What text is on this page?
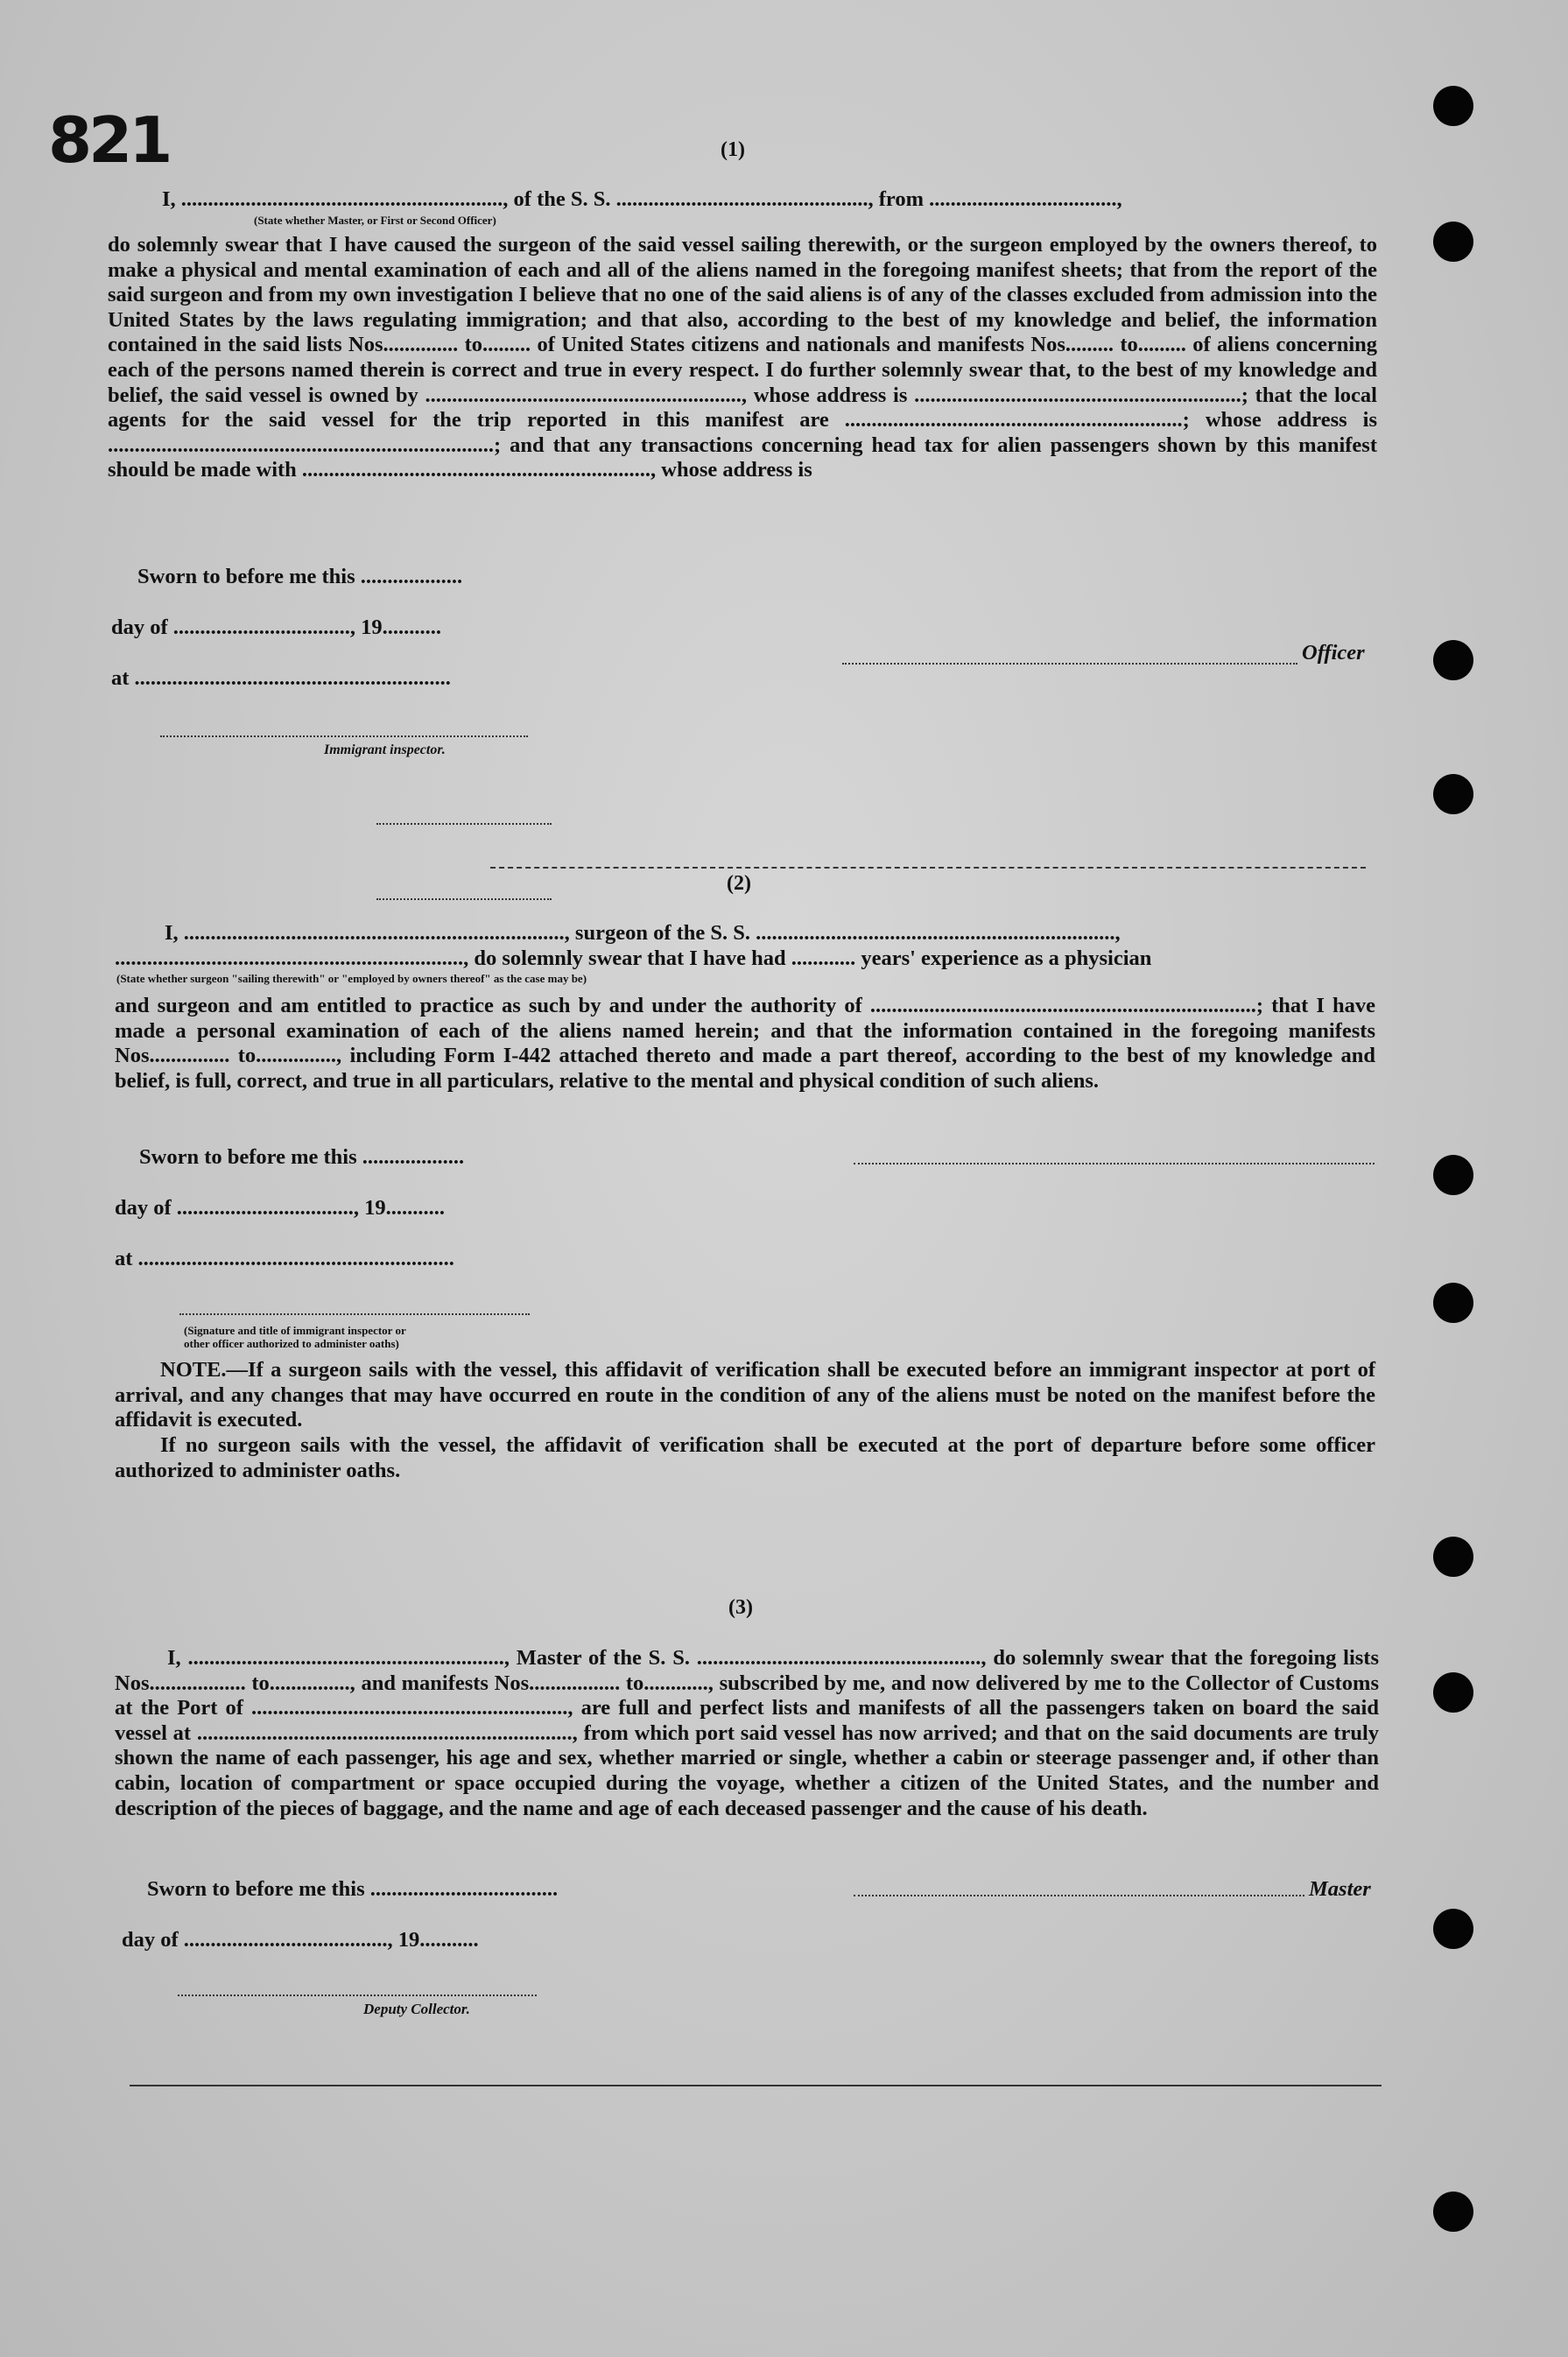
821	(1)
I, ............................................................, of the S. S. ..............................................., from ...................................,
(State whether Master, or First or Second Officer)
do solemnly swear that I have caused the surgeon of the said vessel sailing therewith, or the surgeon employed by the owners thereof, to make a physical and mental examination of each and all of the aliens named in the foregoing manifest sheets; that from the report of the said surgeon and from my own investigation I believe that no one of the said aliens is of any of the classes excluded from admission into the United States by the laws regulating immigration; and that also, according to the best of my knowledge and belief, the information contained in the said lists Nos.............. to......... of United States citizens and nationals and manifests Nos......... to......... of aliens concerning each of the persons named therein is correct and true in every respect. I do further solemnly swear that, to the best of my knowledge and belief, the said vessel is owned by ..........................................................., whose address is .............................................................; that the local agents for the said vessel for the trip reported in this manifest are ...............................................................; whose address is ........................................................................; and that any transactions concerning head tax for alien passengers shown by this manifest should be made with ................................................................., whose address is
Sworn to before me this ...................
day of ................................., 19...........
at ...........................................................
Officer
Immigrant inspector.
(2)
I, ......................................................................., surgeon of the S. S. ...................................................................,
................................................................., do solemnly swear that I have had ............ years' experience as a physician
(State whether surgeon "sailing therewith" or "employed by owners thereof" as the case may be)
and surgeon and am entitled to practice as such by and under the authority of ........................................................................; that I have made a personal examination of each of the aliens named herein; and that the information contained in the foregoing manifests Nos............... to..............., including Form I-442 attached thereto and made a part thereof, according to the best of my knowledge and belief, is full, correct, and true in all particulars, relative to the mental and physical condition of such aliens.
Sworn to before me this ...................
day of ................................., 19...........
at ...........................................................
(Signature and title of immigrant inspector or
other officer authorized to administer oaths)
NOTE.—If a surgeon sails with the vessel, this affidavit of verification shall be executed before an immigrant inspector at port of arrival, and any changes that may have occurred en route in the condition of any of the aliens must be noted on the manifest before the affidavit is executed.
If no surgeon sails with the vessel, the affidavit of verification shall be executed at the port of departure before some officer authorized to administer oaths.
(3)
I, ..........................................................., Master of the S. S. ....................................................., do solemnly swear that the foregoing lists Nos.................. to..............., and manifests Nos................. to............, subscribed by me, and now delivered by me to the Collector of Customs at the Port of ..........................................................., are full and perfect lists and manifests of all the passengers taken on board the said vessel at ......................................................................, from which port said vessel has now arrived; and that on the said documents are truly shown the name of each passenger, his age and sex, whether married or single, whether a cabin or steerage passenger and, if other than cabin, location of compartment or space occupied during the voyage, whether a citizen of the United States, and the number and description of the pieces of baggage, and the name and age of each deceased passenger and the cause of his death.
Sworn to before me this ...................................	Master
day of ......................................, 19...........
Deputy Collector.
